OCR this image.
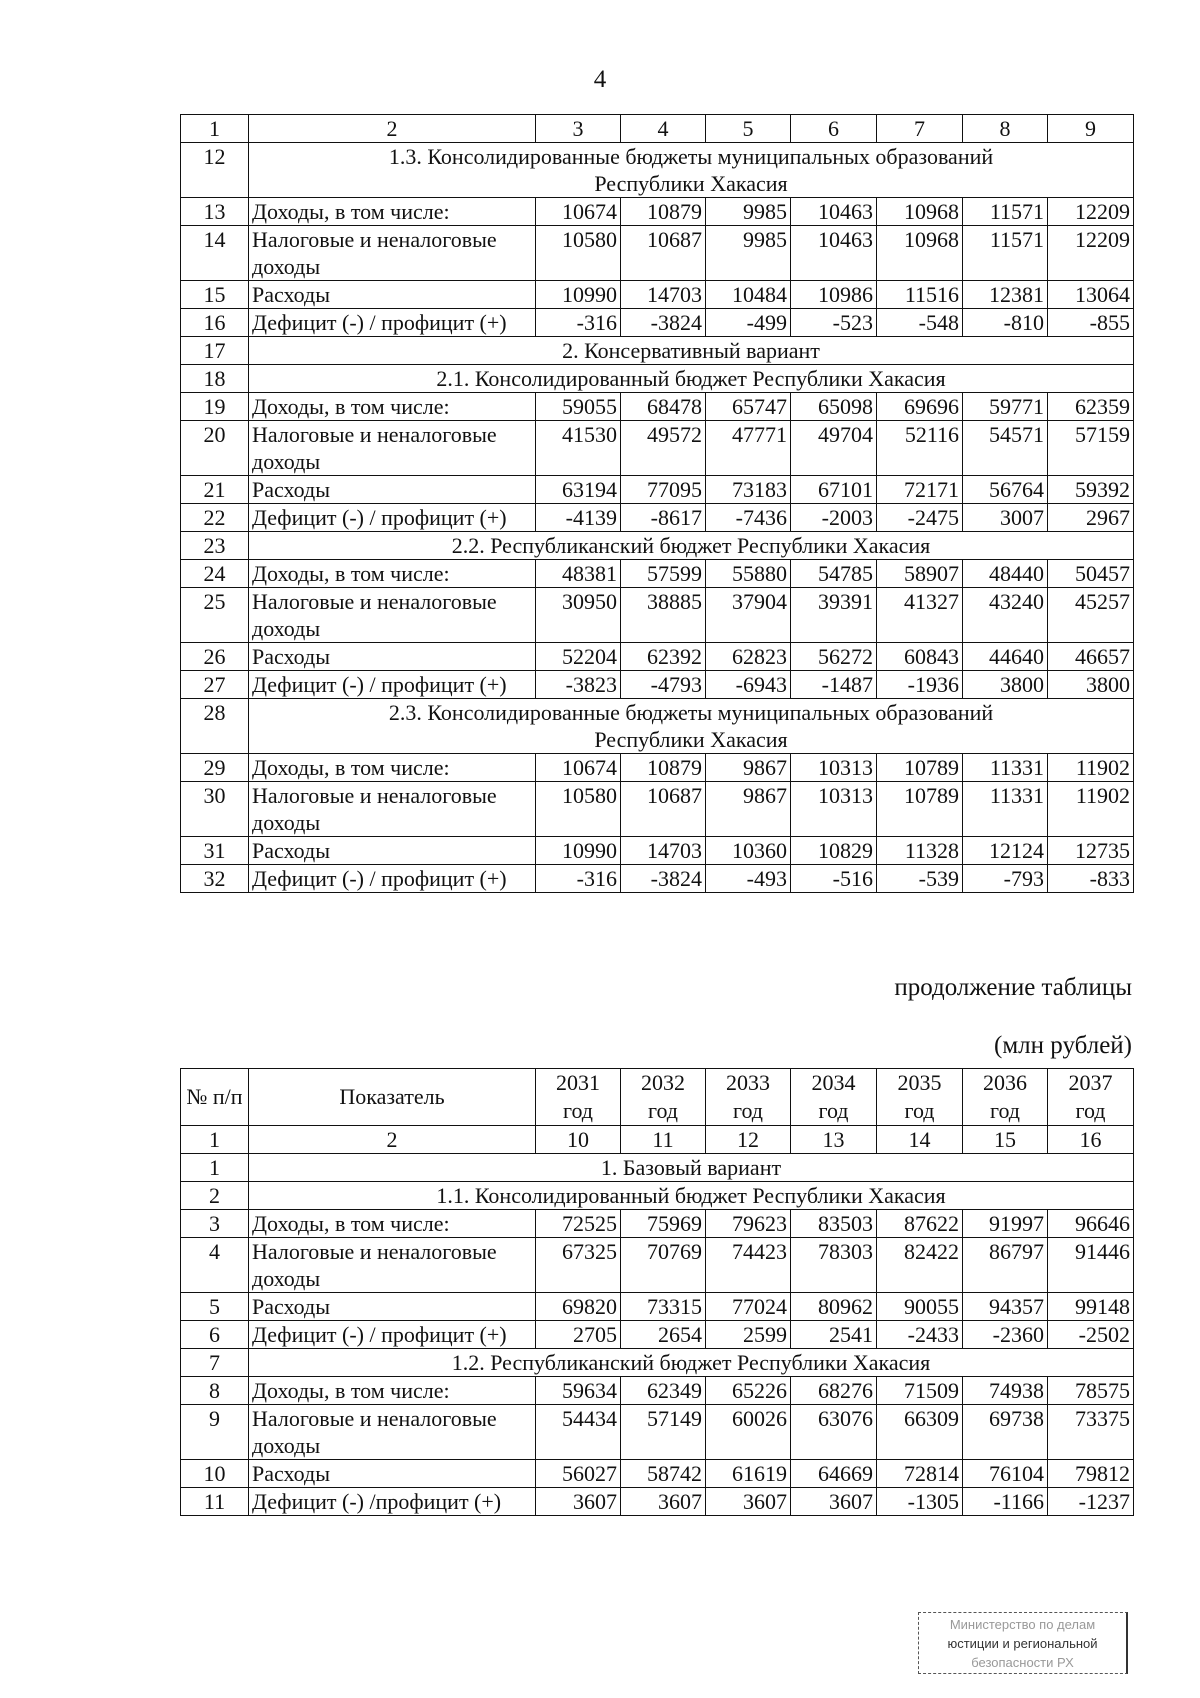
4
1	2	3	4	5	6	7	8	9
12	1.3. Консолидированные бюджеты муниципальных образований Республики Хакасия							
13	Доходы, в том числе:	10674	10879	9985	10463	10968	11571	12209
14	Налоговые и неналоговые доходы	10580	10687	9985	10463	10968	11571	12209
15	Расходы	10990	14703	10484	10986	11516	12381	13064
16	Дефицит (-) / профицит (+)	-316	-3824	-499	-523	-548	-810	-855
17	2. Консервативный вариант							
18	2.1. Консолидированный бюджет Республики Хакасия							
19	Доходы, в том числе:	59055	68478	65747	65098	69696	59771	62359
20	Налоговые и неналоговые доходы	41530	49572	47771	49704	52116	54571	57159
21	Расходы	63194	77095	73183	67101	72171	56764	59392
22	Дефицит (-) / профицит (+)	-4139	-8617	-7436	-2003	-2475	3007	2967
23	2.2. Республиканский бюджет Республики Хакасия							
24	Доходы, в том числе:	48381	57599	55880	54785	58907	48440	50457
25	Налоговые и неналоговые доходы	30950	38885	37904	39391	41327	43240	45257
26	Расходы	52204	62392	62823	56272	60843	44640	46657
27	Дефицит (-) / профицит (+)	-3823	-4793	-6943	-1487	-1936	3800	3800
28	2.3. Консолидированные бюджеты муниципальных образований Республики Хакасия							
29	Доходы, в том числе:	10674	10879	9867	10313	10789	11331	11902
30	Налоговые и неналоговые доходы	10580	10687	9867	10313	10789	11331	11902
31	Расходы	10990	14703	10360	10829	11328	12124	12735
32	Дефицит (-) / профицит (+)	-316	-3824	-493	-516	-539	-793	-833
продолжение таблицы
(млн рублей)
№ п/п	Показатель	2031 год	2032 год	2033 год	2034 год	2035 год	2036 год	2037 год
1	2	10	11	12	13	14	15	16
1	1. Базовый вариант							
2	1.1. Консолидированный бюджет Республики Хакасия							
3	Доходы, в том числе:	72525	75969	79623	83503	87622	91997	96646
4	Налоговые и неналоговые доходы	67325	70769	74423	78303	82422	86797	91446
5	Расходы	69820	73315	77024	80962	90055	94357	99148
6	Дефицит (-) / профицит (+)	2705	2654	2599	2541	-2433	-2360	-2502
7	1.2. Республиканский бюджет Республики Хакасия							
8	Доходы, в том числе:	59634	62349	65226	68276	71509	74938	78575
9	Налоговые и неналоговые доходы	54434	57149	60026	63076	66309	69738	73375
10	Расходы	56027	58742	61619	64669	72814	76104	79812
11	Дефицит (-) /профицит (+)	3607	3607	3607	3607	-1305	-1166	-1237
Министерство по делам
юстиции и региональной
безопасности РХ
